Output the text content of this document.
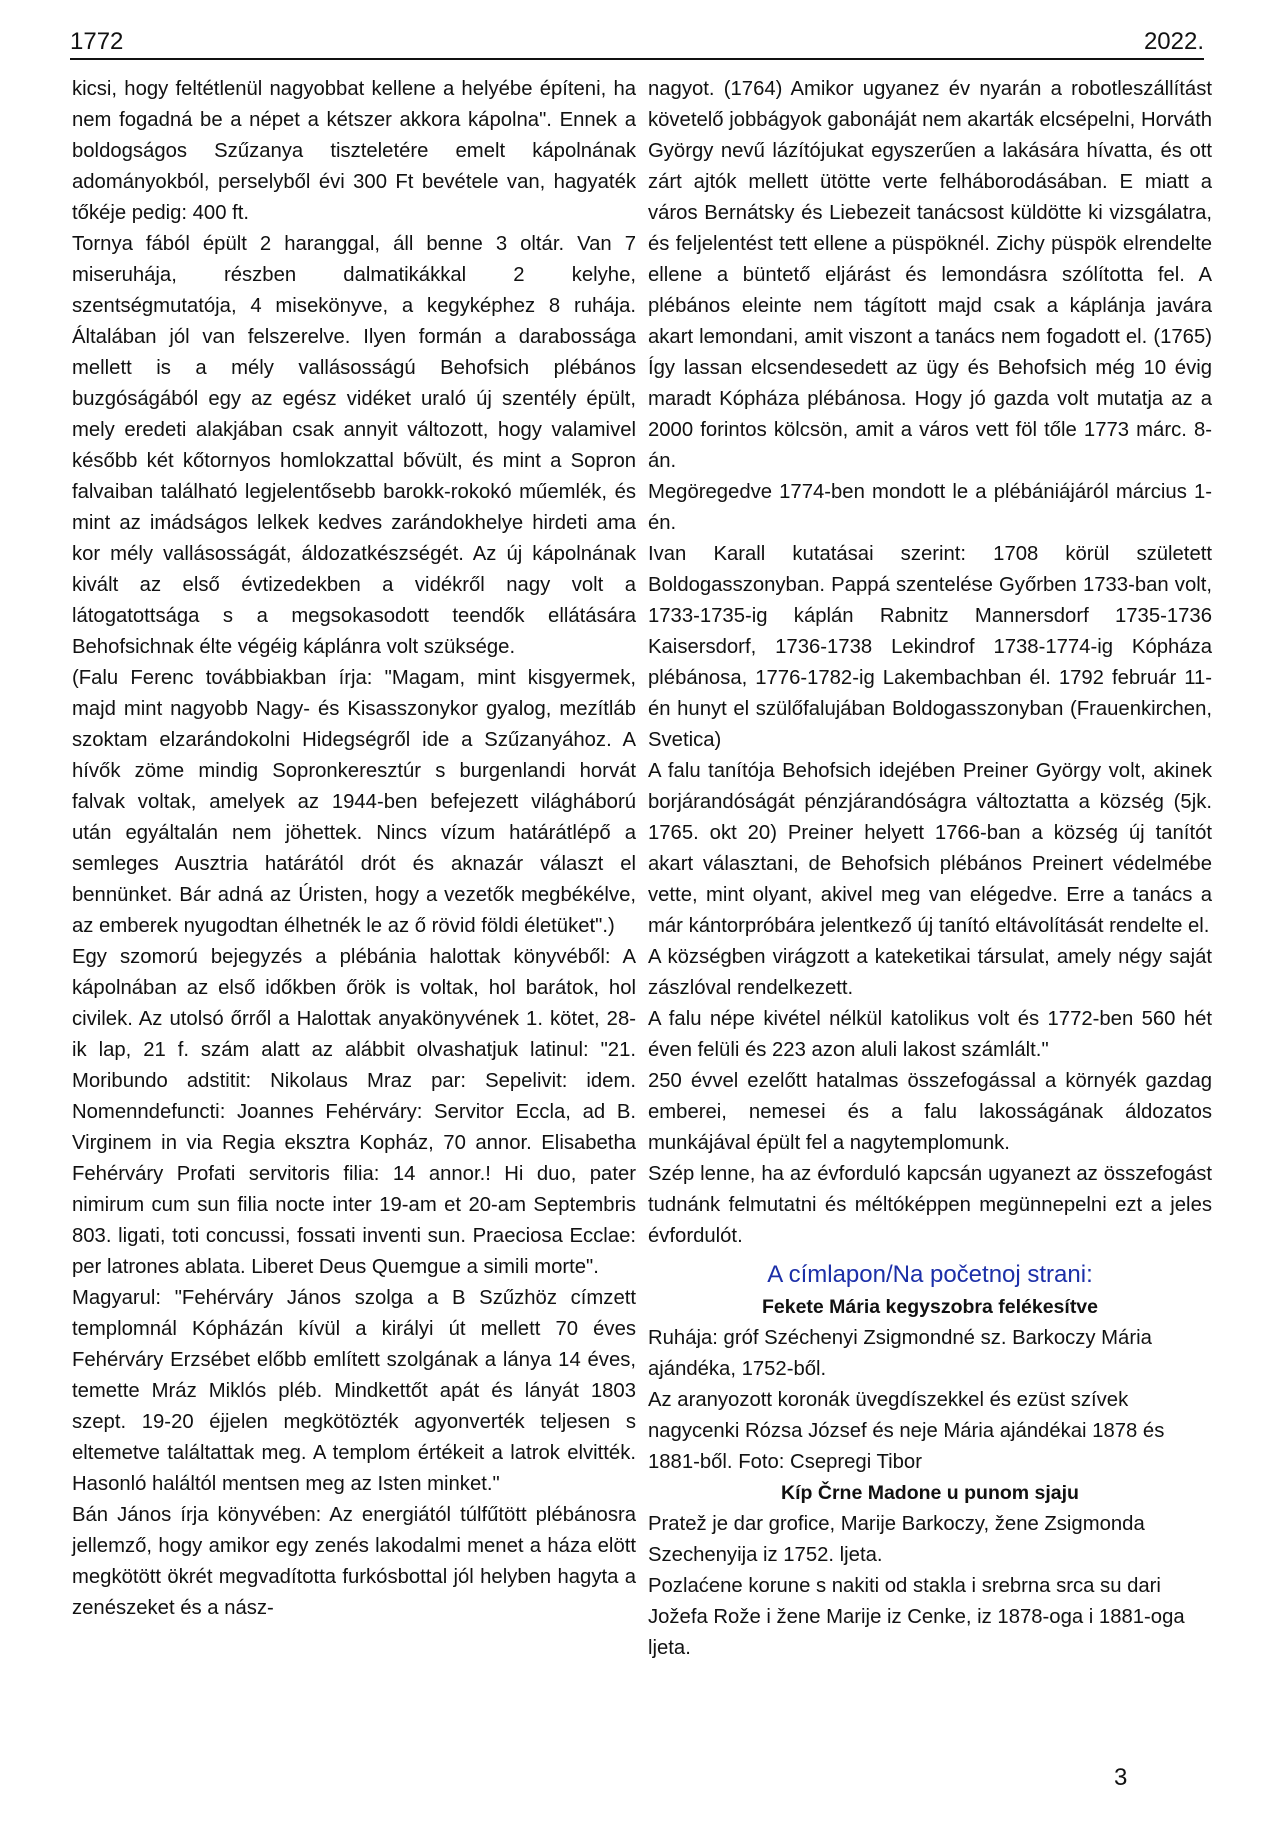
1772	2022.

kicsi, hogy feltétlenül nagyobbat kellene a helyébe építeni, ha nem fogadná be a népet a kétszer akkora kápolna". Ennek a boldogságos Szűzanya tiszteletére emelt kápolnának adományokból, perselyből évi 300 Ft bevétele van, hagyaték tőkéje pedig: 400 ft.

Tornya fából épült 2 haranggal, áll benne 3 oltár. Van 7 miseruhája, részben dalmatikákkal 2 kelyhe, szentségmutatója, 4 misekönyve, a kegyképhez 8 ruhája. Általában jól van felszerelve. Ilyen formán a darabossága mellett is a mély vallásosságú Behofsich plébános buzgóságából egy az egész vidéket uraló új szentély épült, mely eredeti alakjában csak annyit változott, hogy valamivel később két kőtornyos homlokzattal bővült, és mint a Sopron falvaiban található legjelentősebb barokk-rokokó műemlék, és mint az imádságos lelkek kedves zarándokhelye hirdeti ama kor mély vallásosságát, áldozatkészségét. Az új kápolnának kivált az első évtizedekben a vidékről nagy volt a látogatottsága s a megsokasodott teendők ellátására Behofsichnak élte végéig káplánra volt szüksége.

(Falu Ferenc továbbiakban írja: "Magam, mint kisgyermek, majd mint nagyobb Nagy- és Kisasszonykor gyalog, mezítláb szoktam elzarándokolni Hidegségről ide a Szűzanyához. A hívők zöme mindig Sopronkeresztúr s burgenlandi horvát falvak voltak, amelyek az 1944-ben befejezett világháború után egyáltalán nem jöhettek. Nincs vízum határátlépő a semleges Ausztria határától drót és aknazár választ el bennünket. Bár adná az Úristen, hogy a vezetők megbékélve, az emberek nyugodtan élhetnék le az ő rövid földi életüket".)

Egy szomorú bejegyzés a plébánia halottak könyvéből: A kápolnában az első időkben őrök is voltak, hol barátok, hol civilek. Az utolsó őrről a Halottak anyakönyvének 1. kötet, 28-ik lap, 21 f. szám alatt az alábbit olvashatjuk latinul: "21. Moribundo adstitit: Nikolaus Mraz par: Sepelivit: idem. Nomenndefuncti: Joannes Fehérváry: Servitor Eccla, ad B. Virginem in via Regia eksztra Kopház, 70 annor. Elisabetha Fehérváry Profati servitoris filia: 14 annor.! Hi duo, pater nimirum cum sun filia nocte inter 19-am et 20-am Septembris 803. ligati, toti concussi, fossati inventi sun. Praeciosa Ecclae: per latrones ablata. Liberet Deus Quemgue a simili morte".

Magyarul: "Fehérváry János szolga a B Szűzhöz címzett templomnál Kópházán kívül a királyi út mellett 70 éves Fehérváry Erzsébet előbb említett szolgának a lánya 14 éves, temette Mráz Miklós pléb. Mindkettőt apát és lányát 1803 szept. 19-20 éjjelen megkötözték agyonverték teljesen s eltemetve találtattak meg. A templom értékeit a latrok elvitték. Hasonló haláltól mentsen meg az Isten minket."

Bán János írja könyvében: Az energiától túlfűtött plébánosra jellemző, hogy amikor egy zenés lakodalmi menet a háza elött megkötött ökrét megvadította furkósbottal jól helyben hagyta a zenészeket és a nász-

nagyot. (1764) Amikor ugyanez év nyarán a robotleszállítást követelő jobbágyok gabonáját nem akarták elcsépelni, Horváth György nevű lázítójukat egyszerűen a lakására hívatta, és ott zárt ajtók mellett ütötte verte felháborodásában. E miatt a város Bernátsky és Liebezeit tanácsost küldötte ki vizsgálatra, és feljelentést tett ellene a püspöknél. Zichy püspök elrendelte ellene a büntető eljárást és lemondásra szólította fel. A plébános eleinte nem tágított majd csak a káplánja javára akart lemondani, amit viszont a tanács nem fogadott el. (1765) Így lassan elcsendesedett az ügy és Behofsich még 10 évig maradt Kópháza plébánosa. Hogy jó gazda volt mutatja az a 2000 forintos kölcsön, amit a város vett föl tőle 1773 márc. 8-án.

Megöregedve 1774-ben mondott le a plébániájáról március 1-én.

Ivan Karall kutatásai szerint: 1708 körül született Boldogasszonyban. Pappá szentelése Győrben 1733-ban volt, 1733-1735-ig káplán Rabnitz Mannersdorf 1735-1736 Kaisersdorf, 1736-1738 Lekindrof 1738-1774-ig Kópháza plébánosa, 1776-1782-ig Lakembachban él. 1792 február 11-én hunyt el szülőfalujában Boldogasszonyban (Frauenkirchen, Svetica)

A falu tanítója Behofsich idejében Preiner György volt, akinek borjárandóságát pénzjárandóságra változtatta a község (5jk. 1765. okt 20) Preiner helyett 1766-ban a község új tanítót akart választani, de Behofsich plébános Preinert védelmébe vette, mint olyant, akivel meg van elégedve. Erre a tanács a már kántorpróbára jelentkező új tanító eltávolítását rendelte el.

A községben virágzott a kateketikai társulat, amely négy saját zászlóval rendelkezett.

A falu népe kivétel nélkül katolikus volt és 1772-ben 560 hét éven felüli és 223 azon aluli lakost számlált."

250 évvel ezelőtt hatalmas összefogással a környék gazdag emberei, nemesei és a falu lakosságának áldozatos munkájával épült fel a nagytemplomunk.

Szép lenne, ha az évforduló kapcsán ugyanezt az összefogást tudnánk felmutatni és méltóképpen megünnepelni ezt a jeles évfordulót.

A címlapon/Na početnoj strani:

Fekete Mária kegyszobra felékesítve

Ruhája: gróf Széchenyi Zsigmondné sz. Barkoczy Mária ajándéka, 1752-ből.

Az aranyozott koronák üvegdíszekkel és ezüst szívek nagycenki Rózsa József és neje Mária ajándékai 1878 és 1881-ből. Foto: Csepregi Tibor

Kíp Črne Madone u punom sjaju

Pratež je dar grofice, Marije Barkoczy, žene Zsigmonda Szechenyija iz 1752. ljeta.

Pozlaćene korune s nakiti od stakla i srebrna srca su dari Jožefa Rože i žene Marije iz Cenke, iz 1878-oga i 1881-oga ljeta.

3
